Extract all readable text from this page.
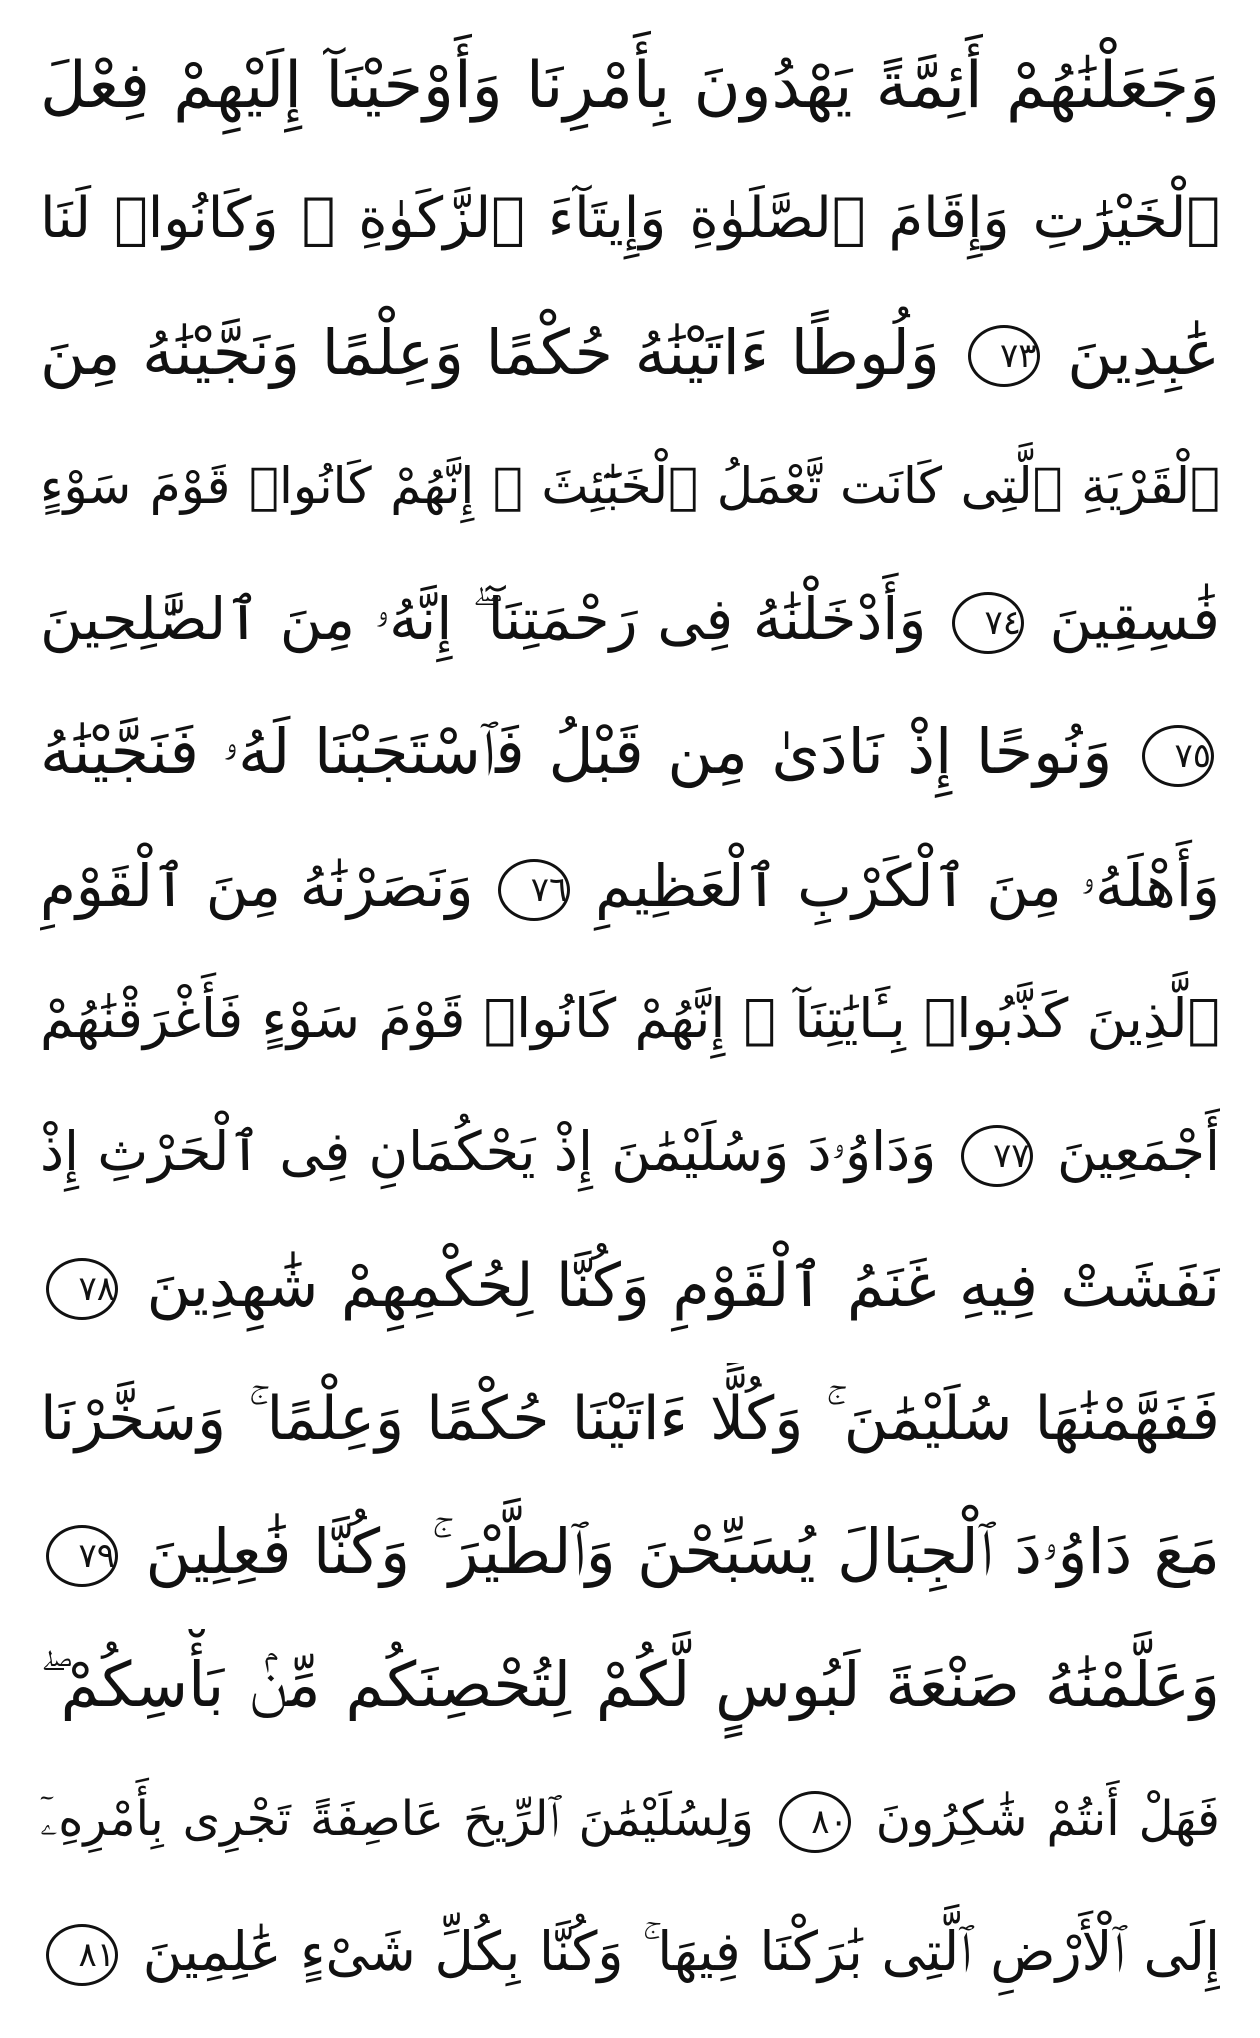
وَجَعَلْنَٰهُمْ أَئِمَّةً يَهْدُونَ بِأَمْرِنَا وَأَوْحَيْنَآ إِلَيْهِمْ فِعْلَ
ٱلْخَيْرَٰتِ وَإِقَامَ ٱلصَّلَوٰةِ وَإِيتَآءَ ٱلزَّكَوٰةِ ۖ وَكَانُوا۟ لَنَا
عَٰبِدِينَ ٧٣ وَلُوطًا ءَاتَيْنَٰهُ حُكْمًا وَعِلْمًا وَنَجَّيْنَٰهُ مِنَ
ٱلْقَرْيَةِ ٱلَّتِى كَانَت تَّعْمَلُ ٱلْخَبَٰٓئِثَ ۗ إِنَّهُمْ كَانُوا۟ قَوْمَ سَوْءٍ
فَٰسِقِينَ ٧٤ وَأَدْخَلْنَٰهُ فِى رَحْمَتِنَآ ۖ إِنَّهُۥ مِنَ ٱلصَّٰلِحِينَ
٧٥ وَنُوحًا إِذْ نَادَىٰ مِن قَبْلُ فَٱسْتَجَبْنَا لَهُۥ فَنَجَّيْنَٰهُ
وَأَهْلَهُۥ مِنَ ٱلْكَرْبِ ٱلْعَظِيمِ ٧٦ وَنَصَرْنَٰهُ مِنَ ٱلْقَوْمِ
ٱلَّذِينَ كَذَّبُوا۟ بِـَٔايَٰتِنَآ ۚ إِنَّهُمْ كَانُوا۟ قَوْمَ سَوْءٍ فَأَغْرَقْنَٰهُمْ
أَجْمَعِينَ ٧٧ وَدَاوُۥدَ وَسُلَيْمَٰنَ إِذْ يَحْكُمَانِ فِى ٱلْحَرْثِ إِذْ
نَفَشَتْ فِيهِ غَنَمُ ٱلْقَوْمِ وَكُنَّا لِحُكْمِهِمْ شَٰهِدِينَ ٧٨
فَفَهَّمْنَٰهَا سُلَيْمَٰنَ ۚ وَكُلًّا ءَاتَيْنَا حُكْمًا وَعِلْمًا ۚ وَسَخَّرْنَا
مَعَ دَاوُۥدَ ٱلْجِبَالَ يُسَبِّحْنَ وَٱلطَّيْرَ ۚ وَكُنَّا فَٰعِلِينَ ٧٩
وَعَلَّمْنَٰهُ صَنْعَةَ لَبُوسٍ لَّكُمْ لِتُحْصِنَكُم مِّنۢ بَأْسِكُمْ ۖ
فَهَلْ أَنتُمْ شَٰكِرُونَ ٨٠ وَلِسُلَيْمَٰنَ ٱلرِّيحَ عَاصِفَةً تَجْرِى بِأَمْرِهِۦٓ
إِلَى ٱلْأَرْضِ ٱلَّتِى بَٰرَكْنَا فِيهَا ۚ وَكُنَّا بِكُلِّ شَىْءٍ عَٰلِمِينَ ٨١
